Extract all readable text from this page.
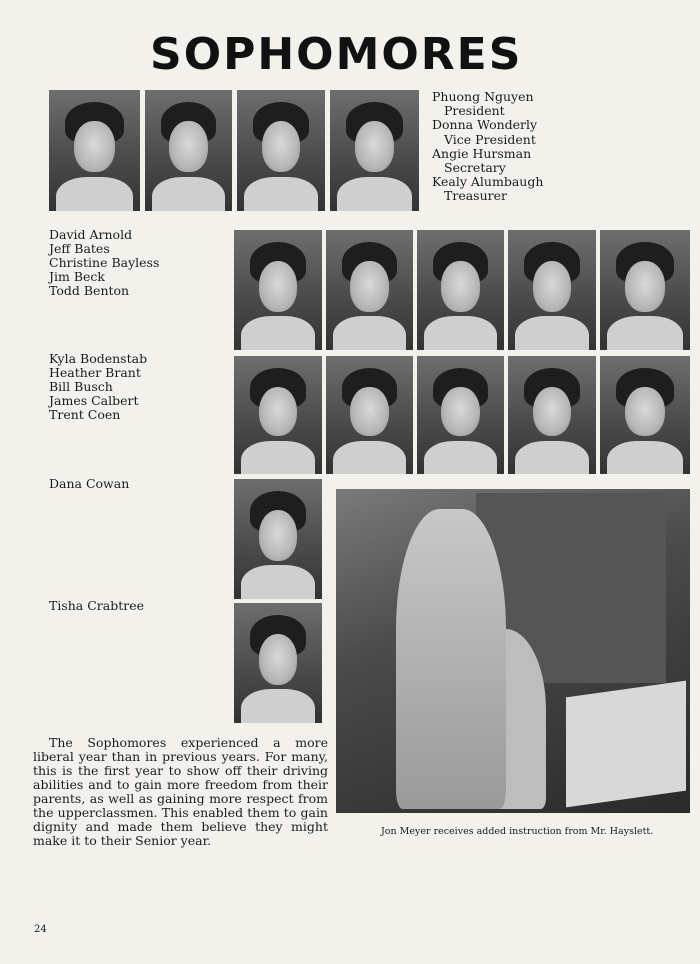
SOPHOMORES
Phuong Nguyen
President
Donna Wonderly
Vice President
Angie Hursman
Secretary
Kealy Alumbaugh
Treasurer
David Arnold
Jeff Bates
Christine Bayless
Jim Beck
Todd Benton
Kyla Bodenstab
Heather Brant
Bill Busch
James Calbert
Trent Coen
Dana Cowan
Tisha Crabtree
Jon Meyer receives added instruction from Mr. Hayslett.
The Sophomores experienced a more liberal year than in previous years. For many, this is the first year to show off their driving abilities and to gain more freedom from their parents, as well as gaining more respect from the upperclassmen. This enabled them to gain dignity and made them believe they might make it to their Senior year.
24
